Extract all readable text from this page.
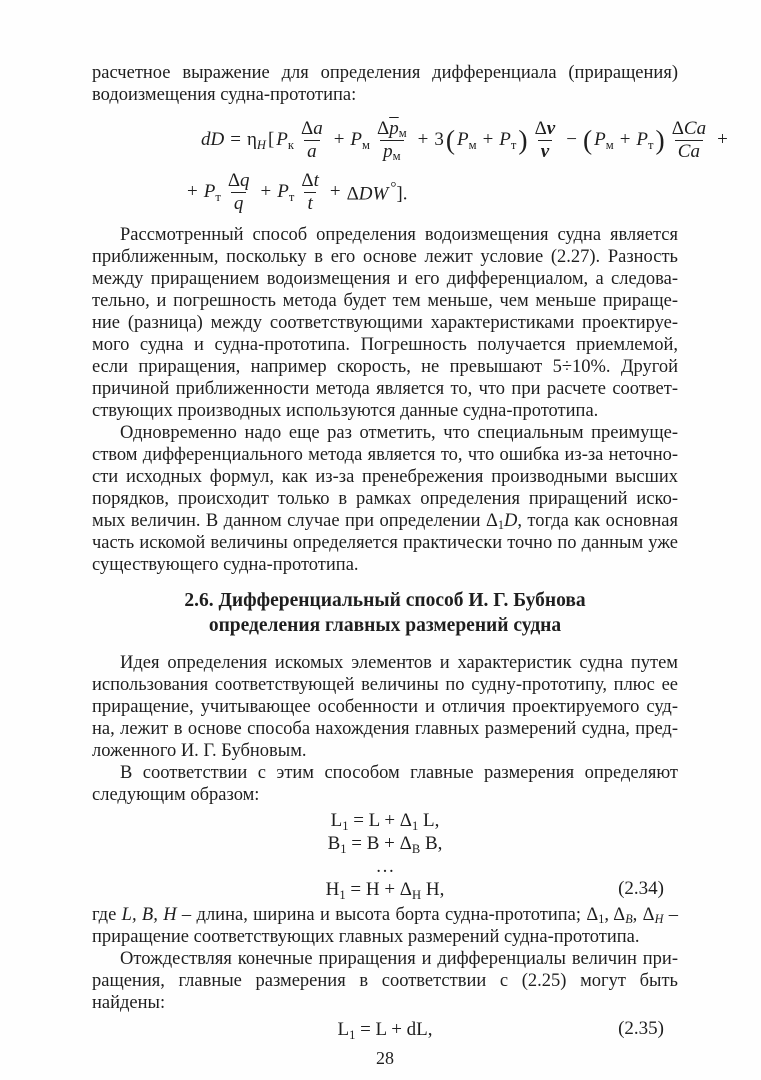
расчетное выражение для определения дифференциала (приращения)
водоизмещения судна-прототипа:
dD = $\eta_H$ [ $P_к \frac{\Delta a}{a} + P_м \frac{\Delta\overline{p}_м}{\overline{p}_м} + 3$ ( $P_м + P_т$ ) $\frac{\Delta v}{v}$ − ( $P_м + P_т$ ) $\frac{\text{ΔCa}}{Ca}$ +
+ $P_т \frac{\Delta q}{q} + P_т \frac{\Delta t}{t} + \Delta DW$ °].
Рассмотренный способ определения водоизмещения судна является
приближенным, поскольку в его основе лежит условие (2.27). Разность
между приращением водоизмещения и его дифференциалом, а следова-
тельно, и погрешность метода будет тем меньше, чем меньше прираще-
ние (разница) между соответствующими характеристиками проектируе-
мого судна и судна-прототипа. Погрешность получается приемлемой,
если приращения, например скорость, не превышают 5÷10%. Другой
причиной приближенности метода является то, что при расчете соответ-
ствующих производных используются данные судна-прототипа.
Одновременно надо еще раз отметить, что специальным преимуще-
ством дифференциального метода является то, что ошибка из-за неточно-
сти исходных формул, как из-за пренебрежения производными высших
порядков, происходит только в рамках определения приращений иско-
мых величин. В данном случае при определении $\Delta_1D$, тогда как основная
часть искомой величины определяется практически точно по данным уже
существующего судна-прототипа.
2.6. Дифференциальный способ И. Г. Бубнова
определения главных размерений судна
Идея определения искомых элементов и характеристик судна путем
использования соответствующей величины по судну-прототипу, плюс ее
приращение, учитывающее особенности и отличия проектируемого суд-
на, лежит в основе способа нахождения главных размерений судна, пред-
ложенного И. Г. Бубновым.
В соответствии с этим способом главные размерения определяют
следующим образом:
$L_1 = L + \Delta_1$ L,
$B_1 = B + \Delta_B$ B,
…
$H_1 = H + \Delta_H$ H,	(2.34)
где L, B, H – длина, ширина и высота борта судна-прототипа; $\Delta_1$, $\Delta_B$, $\Delta_H$ –
приращение соответствующих главных размерений судна-прототипа.
Отождествляя конечные приращения и дифференциалы величин при-
ращения, главные размерения в соответствии с (2.25) могут быть найдены:
$L_1 = L$ + dL,	(2.35)
28
